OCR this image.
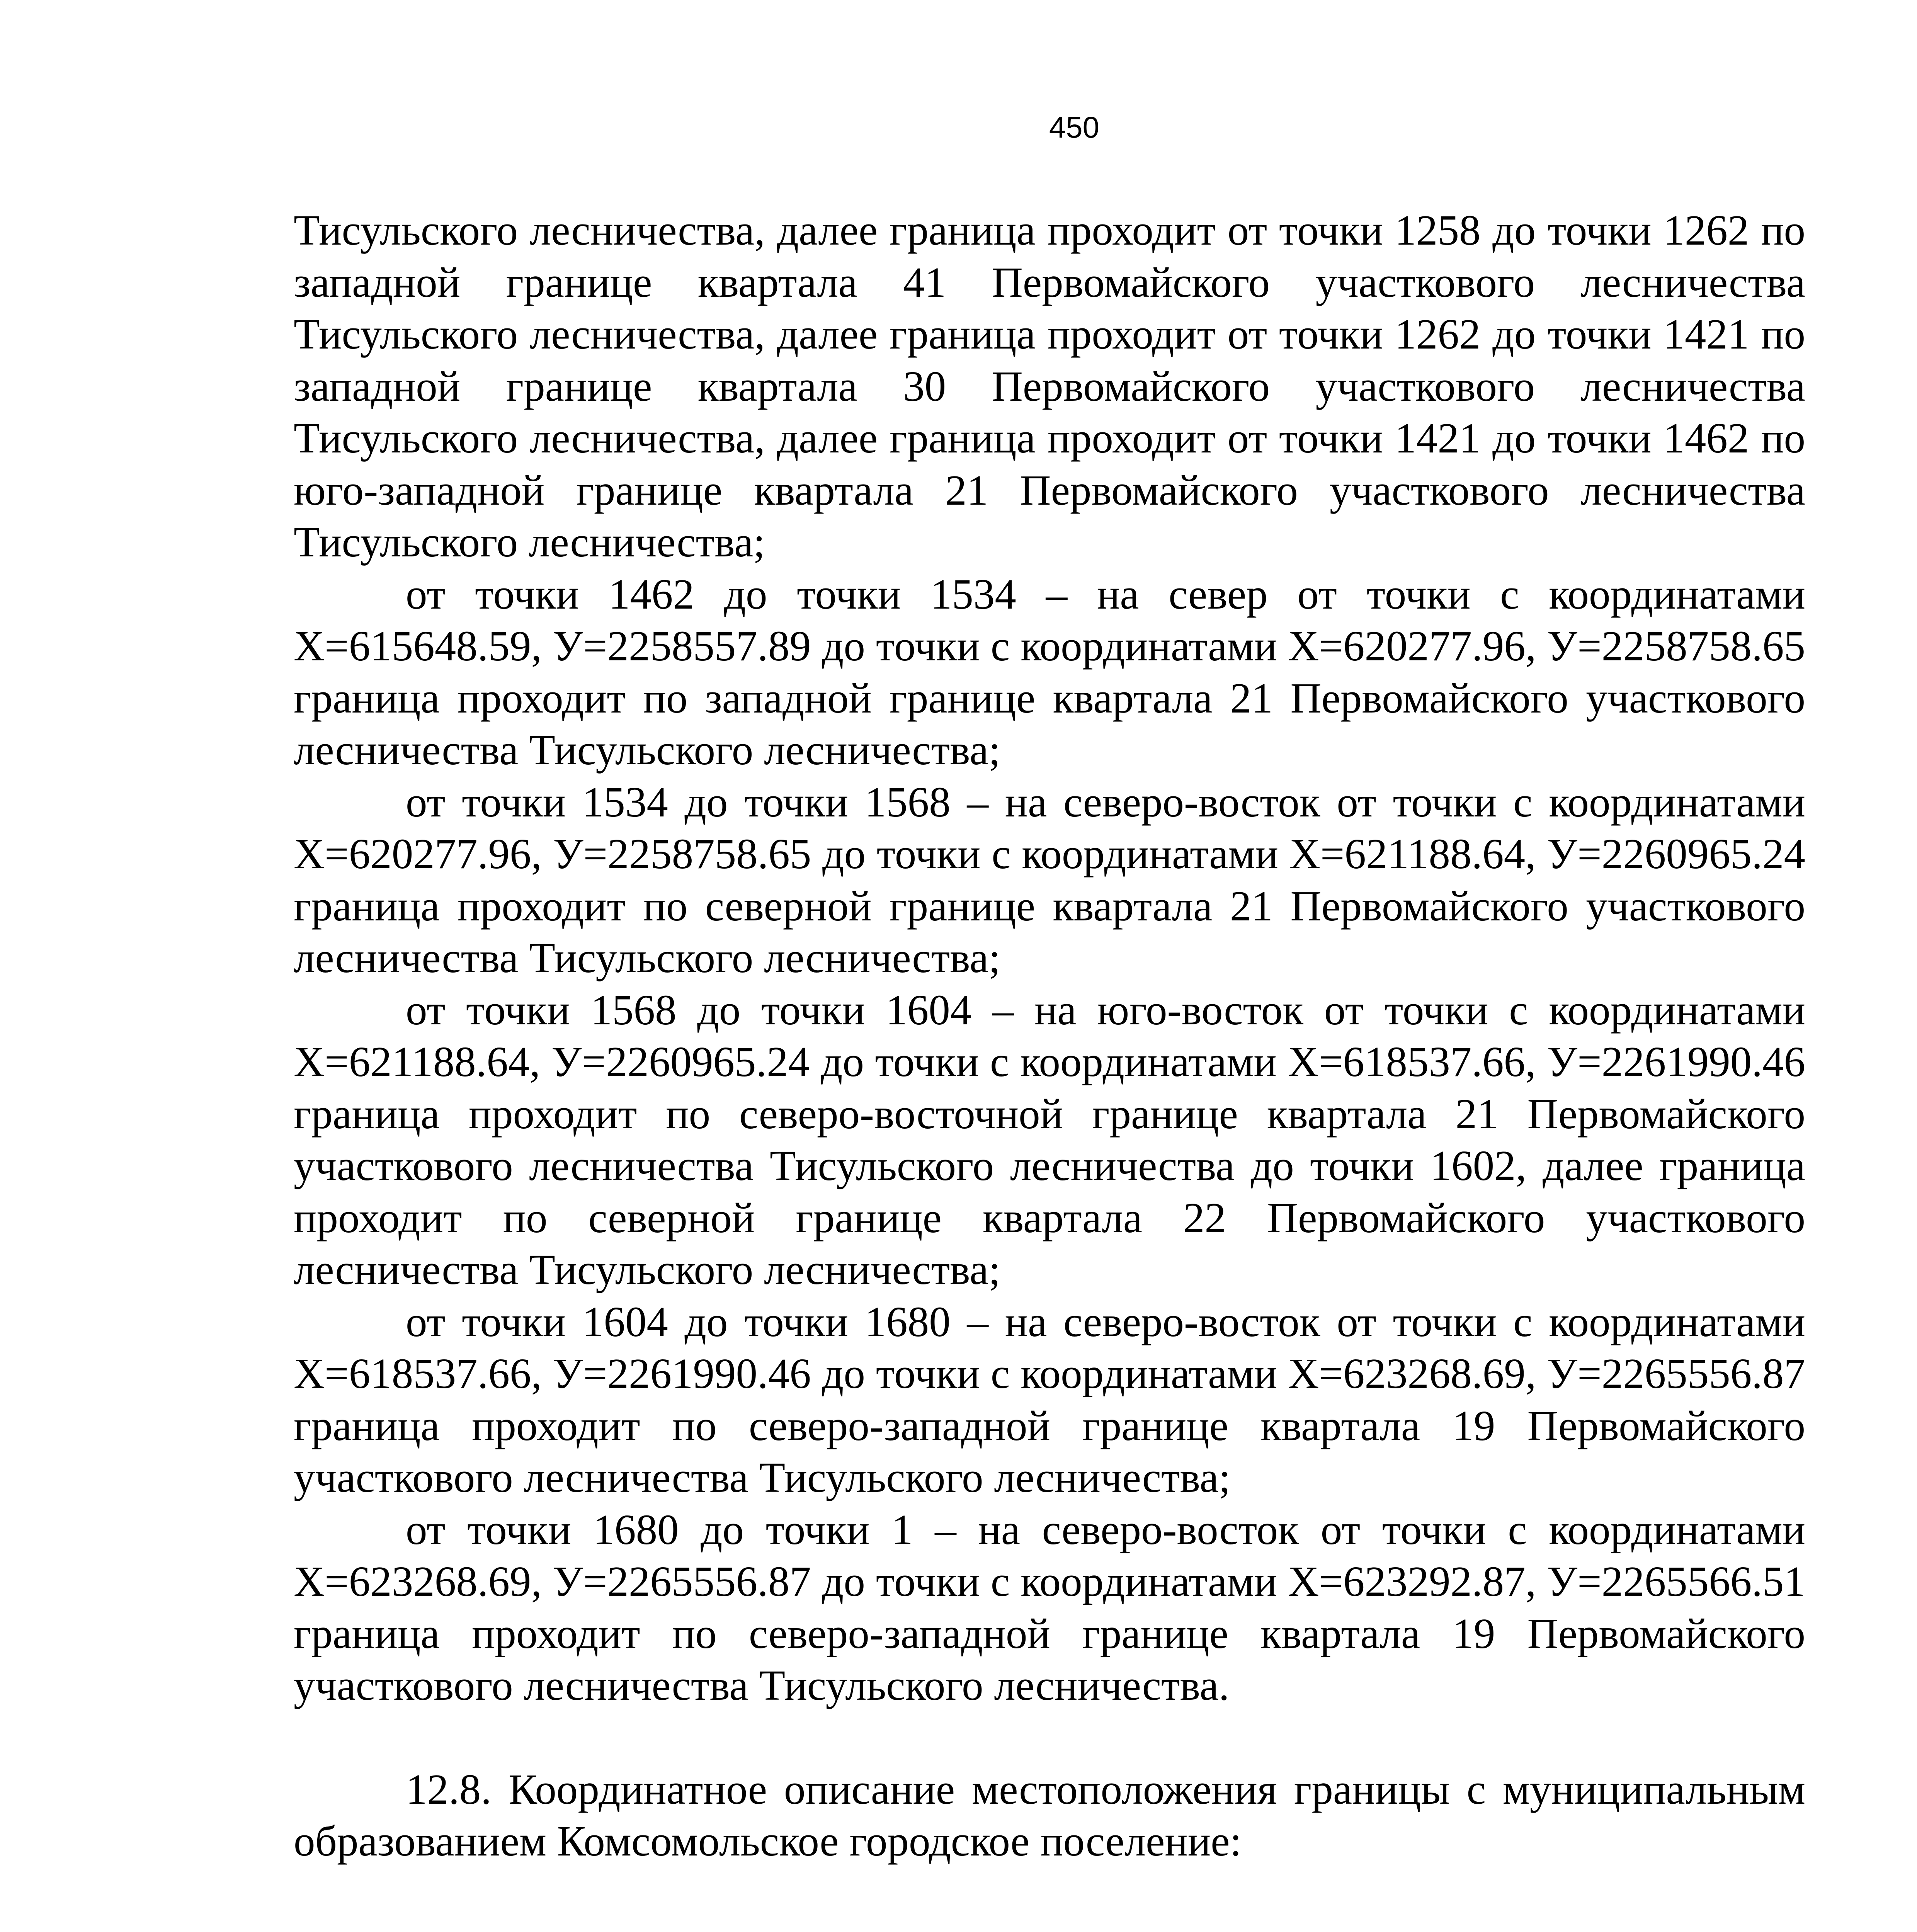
450

Тисульского лесничества, далее граница проходит от точки 1258 до точки 1262 по западной границе квартала 41 Первомайского участкового лесничества Тисульского лесничества, далее граница проходит от точки 1262 до точки 1421 по западной границе квартала 30 Первомайского участкового лесничества Тисульского лесничества, далее граница проходит от точки 1421 до точки 1462 по юго-западной границе квартала 21 Первомайского участкового лесничества Тисульского лесничества;

от точки 1462 до точки 1534 – на север от точки с координатами Х=615648.59, У=2258557.89 до точки с координатами Х=620277.96, У=2258758.65 граница проходит по западной границе квартала 21 Первомайского участкового лесничества Тисульского лесничества;

от точки 1534 до точки 1568 – на северо-восток от точки с координатами Х=620277.96, У=2258758.65 до точки с координатами Х=621188.64, У=2260965.24 граница проходит по северной границе квартала 21 Первомайского участкового лесничества Тисульского лесничества;

от точки 1568 до точки 1604 – на юго-восток от точки с координатами Х=621188.64, У=2260965.24 до точки с координатами Х=618537.66, У=2261990.46 граница проходит по северо-восточной границе квартала 21 Первомайского участкового лесничества Тисульского лесничества до точки 1602, далее граница проходит по северной границе квартала 22 Первомайского участкового лесничества Тисульского лесничества;

от точки 1604 до точки 1680 – на северо-восток от точки с координатами Х=618537.66, У=2261990.46 до точки с координатами Х=623268.69, У=2265556.87 граница проходит по северо-западной границе квартала 19 Первомайского участкового лесничества Тисульского лесничества;

от точки 1680 до точки 1 – на северо-восток от точки с координатами Х=623268.69, У=2265556.87 до точки с координатами Х=623292.87, У=2265566.51 граница проходит по северо-западной границе квартала 19 Первомайского участкового лесничества Тисульского лесничества.

12.8. Координатное описание местоположения границы с муниципальным образованием Комсомольское городское поселение:
